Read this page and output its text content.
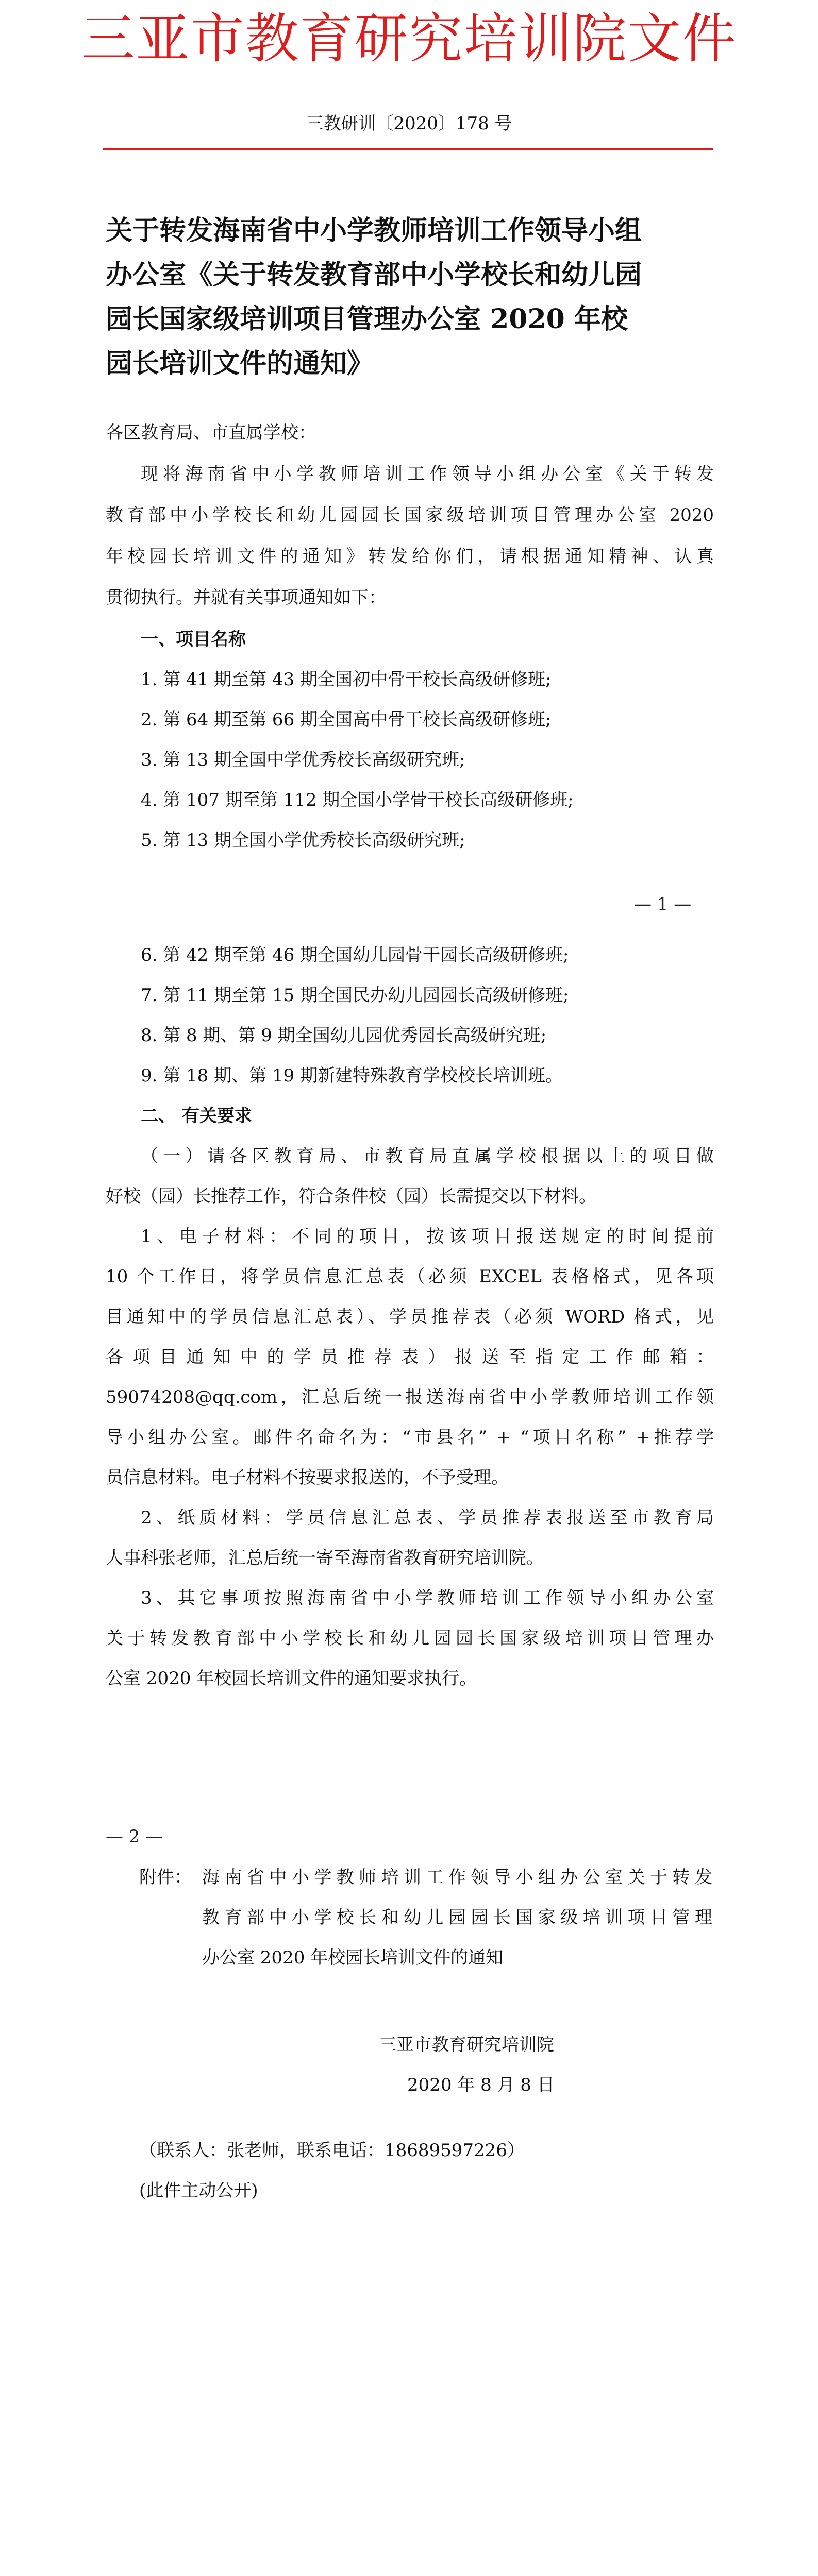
三亚市教育研究培训院文件
三教研训〔2020〕178 号
关于转发海南省中小学教师培训工作领导小组
办公室《关于转发教育部中小学校长和幼儿园
园长国家级培训项目管理办公室 2020 年校
园长培训文件的通知》
各区教育局、市直属学校：
现将海南省中小学教师培训工作领导小组办公室《关于转发
教育部中小学校长和幼儿园园长国家级培训项目管理办公室 2020
年校园长培训文件的通知》转发给你们，请根据通知精神、认真
贯彻执行。并就有关事项通知如下：
一、项目名称
1. 第 41 期至第 43 期全国初中骨干校长高级研修班;
2. 第 64 期至第 66 期全国高中骨干校长高级研修班;
3. 第 13 期全国中学优秀校长高级研究班;
4. 第 107 期至第 112 期全国小学骨干校长高级研修班;
5. 第 13 期全国小学优秀校长高级研究班;
— 1 —
6. 第 42 期至第 46 期全国幼儿园骨干园长高级研修班;
7. 第 11 期至第 15 期全国民办幼儿园园长高级研修班;
8. 第 8 期、第 9 期全国幼儿园优秀园长高级研究班;
9. 第 18 期、第 19 期新建特殊教育学校校长培训班。
二、 有关要求
（一）请各区教育局、市教育局直属学校根据以上的项目做
好校（园）长推荐工作，符合条件校（园）长需提交以下材料。
1、电子材料：不同的项目，按该项目报送规定的时间提前
10 个工作日，将学员信息汇总表（必须 EXCEL 表格格式，见各项
目通知中的学员信息汇总表）、学员推荐表（必须 WORD 格式，见
各项目通知中的学员推荐表）报送至指定工作邮箱：
59074208@qq.com，汇总后统一报送海南省中小学教师培训工作领
导小组办公室。邮件名命名为：“市县名” + “项目名称” +推荐学
员信息材料。电子材料不按要求报送的，不予受理。
2、纸质材料：学员信息汇总表、学员推荐表报送至市教育局
人事科张老师，汇总后统一寄至海南省教育研究培训院。
3、其它事项按照海南省中小学教师培训工作领导小组办公室
关于转发教育部中小学校长和幼儿园园长国家级培训项目管理办
公室 2020 年校园长培训文件的通知要求执行。
— 2 —
附件： 海南省中小学教师培训工作领导小组办公室关于转发
教育部中小学校长和幼儿园园长国家级培训项目管理
办公室 2020 年校园长培训文件的通知
三亚市教育研究培训院
2020 年 8 月 8 日
（联系人：张老师，联系电话：18689597226）
(此件主动公开)
